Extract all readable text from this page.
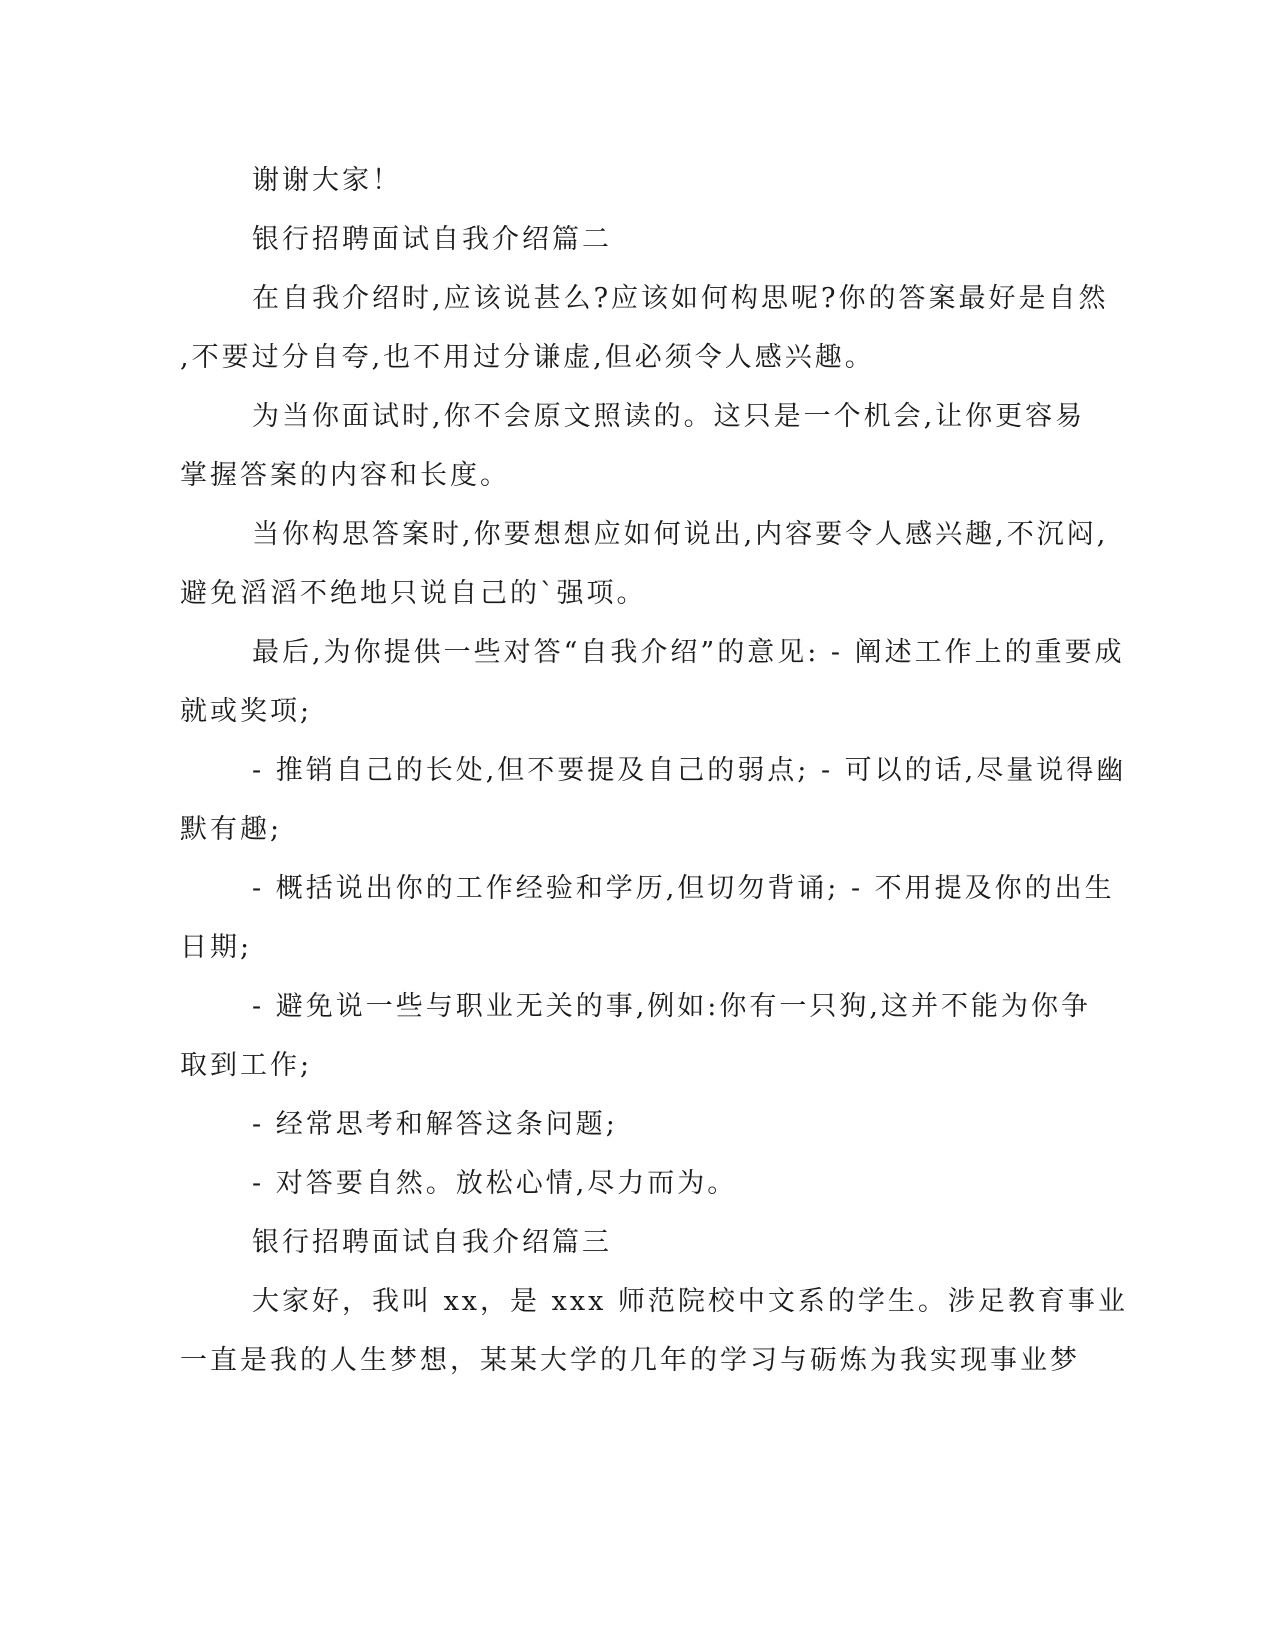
谢谢大家！
银行招聘面试自我介绍篇二
在自我介绍时,应该说甚么?应该如何构思呢?你的答案最好是自然
,不要过分自夸,也不用过分谦虚,但必须令人感兴趣。
为当你面试时,你不会原文照读的。这只是一个机会,让你更容易
掌握答案的内容和长度。
当你构思答案时,你要想想应如何说出,内容要令人感兴趣,不沉闷,
避免滔滔不绝地只说自己的`强项。
最后,为你提供一些对答“自我介绍”的意见: - 阐述工作上的重要成
就或奖项;
- 推销自己的长处,但不要提及自己的弱点; - 可以的话,尽量说得幽
默有趣;
- 概括说出你的工作经验和学历,但切勿背诵; - 不用提及你的出生
日期;
- 避免说一些与职业无关的事,例如:你有一只狗,这并不能为你争
取到工作;
- 经常思考和解答这条问题;
- 对答要自然。放松心情,尽力而为。
银行招聘面试自我介绍篇三
大家好，我叫 xx，是 xxx 师范院校中文系的学生。涉足教育事业
一直是我的人生梦想，某某大学的几年的学习与砺炼为我实现事业梦
